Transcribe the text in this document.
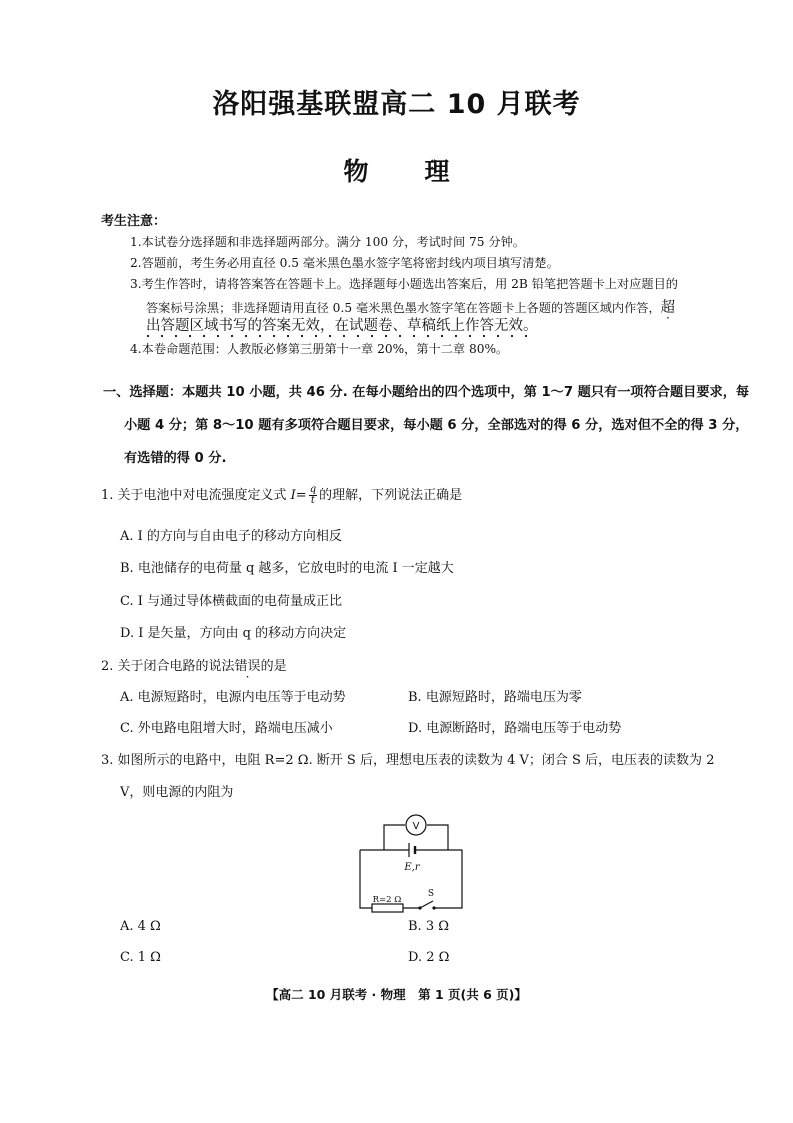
洛阳强基联盟高二 10 月联考
物理
考生注意：
1.本试卷分选择题和非选择题两部分。满分 100 分，考试时间 75 分钟。
2.答题前，考生务必用直径 0.5 毫米黑色墨水签字笔将密封线内项目填写清楚。
3.考生作答时，请将答案答在答题卡上。选择题每小题选出答案后，用 2B 铅笔把答题卡上对应题目的
答案标号涂黑；非选择题请用直径 0.5 毫米黑色墨水签字笔在答题卡上各题的答题区域内作答，超
出答题区域书写的答案无效，在试题卷、草稿纸上作答无效。
4.本卷命题范围：人教版必修第三册第十一章 20%，第十二章 80%。
一、选择题：本题共 10 小题，共 46 分. 在每小题给出的四个选项中，第 1～7 题只有一项符合题目要求，每
小题 4 分；第 8～10 题有多项符合题目要求，每小题 6 分，全部选对的得 6 分，选对但不全的得 3 分，
有选错的得 0 分.
1. 关于电池中对电流强度定义式 $I= \frac{q}{t}$ 的理解，下列说法正确是
A. I 的方向与自由电子的移动方向相反
B. 电池储存的电荷量 q 越多，它放电时的电流 I 一定越大
C. I 与通过导体横截面的电荷量成正比
D. I 是矢量，方向由 q 的移动方向决定
2. 关于闭合电路的说法错误的是
A. 电源短路时，电源内电压等于电动势	B. 电源短路时，路端电压为零
C. 外电路电阻增大时，路端电压减小	D. 电源断路时，路端电压等于电动势
3. 如图所示的电路中，电阻 R=2 Ω. 断开 S 后，理想电压表的读数为 4 V；闭合 S 后，电压表的读数为 2
V，则电源的内阻为
V
E,r
R=2 Ω
S
A. 4 Ω	B. 3 Ω
C. 1 Ω	D. 2 Ω
【高二 10 月联考 · 物理　第 1 页(共 6 页)】
